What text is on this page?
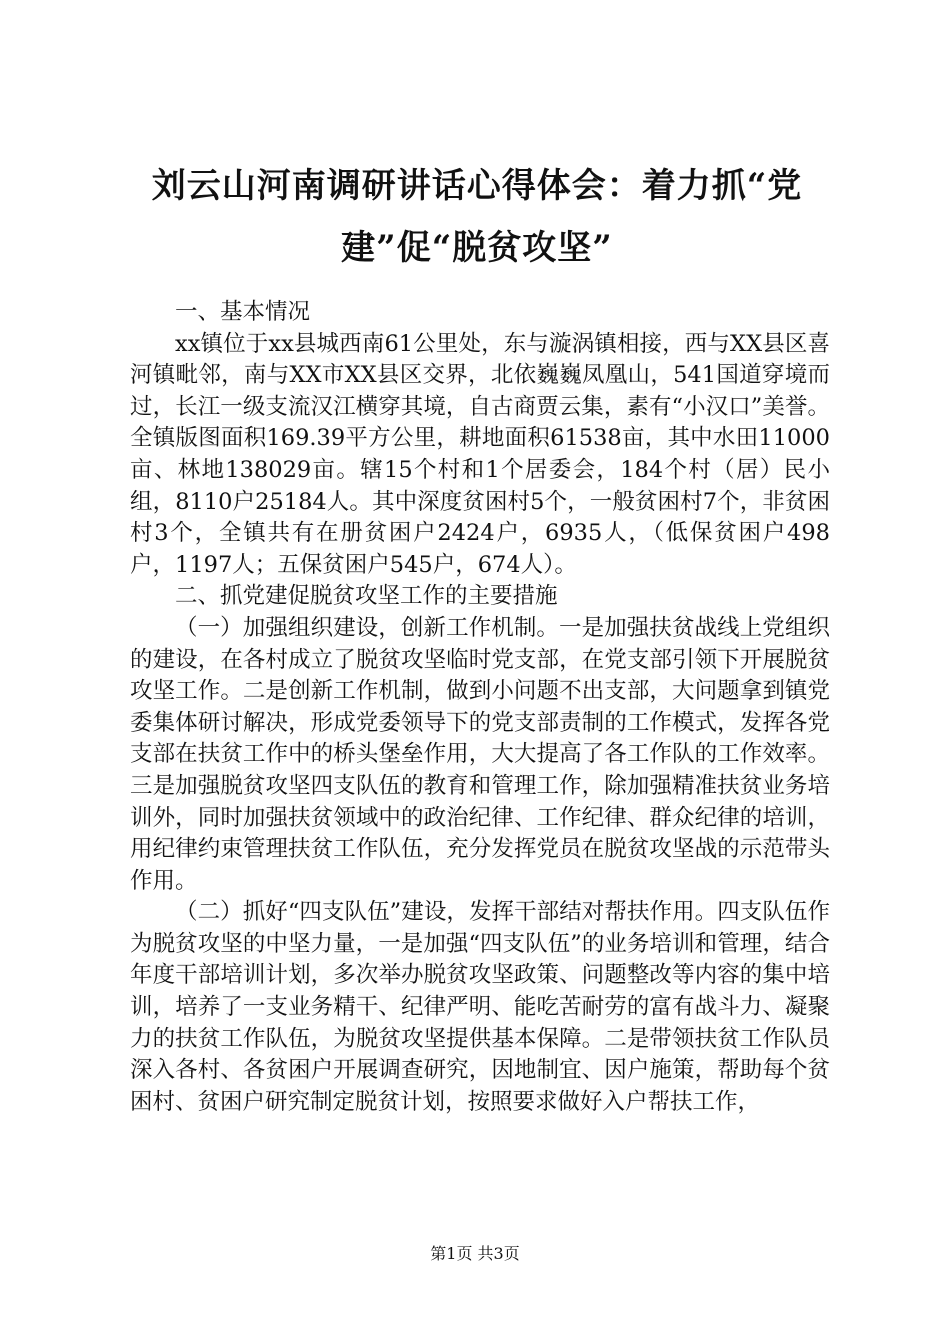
刘云山河南调研讲话心得体会：着力抓“党建”促“脱贫攻坚”

一、基本情况

xx镇位于xx县城西南61公里处，东与漩涡镇相接，西与XX县区喜河镇毗邻，南与XX市XX县区交界，北依巍巍凤凰山，541国道穿境而过，长江一级支流汉江横穿其境，自古商贾云集，素有“小汉口”美誉。全镇版图面积169.39平方公里，耕地面积61538亩，其中水田11000亩、林地138029亩。辖15个村和1个居委会，184个村（居）民小组，8110户25184人。其中深度贫困村5个，一般贫困村7个，非贫困村3个，全镇共有在册贫困户2424户，6935人，（低保贫困户498户，1197人；五保贫困户545户，674人）。

二、抓党建促脱贫攻坚工作的主要措施

（一）加强组织建设，创新工作机制。一是加强扶贫战线上党组织的建设，在各村成立了脱贫攻坚临时党支部，在党支部引领下开展脱贫攻坚工作。二是创新工作机制，做到小问题不出支部，大问题拿到镇党委集体研讨解决，形成党委领导下的党支部责制的工作模式，发挥各党支部在扶贫工作中的桥头堡垒作用，大大提高了各工作队的工作效率。三是加强脱贫攻坚四支队伍的教育和管理工作，除加强精准扶贫业务培训外，同时加强扶贫领域中的政治纪律、工作纪律、群众纪律的培训，用纪律约束管理扶贫工作队伍，充分发挥党员在脱贫攻坚战的示范带头作用。

（二）抓好“四支队伍”建设，发挥干部结对帮扶作用。四支队伍作为脱贫攻坚的中坚力量，一是加强“四支队伍”的业务培训和管理，结合年度干部培训计划，多次举办脱贫攻坚政策、问题整改等内容的集中培训，培养了一支业务精干、纪律严明、能吃苦耐劳的富有战斗力、凝聚力的扶贫工作队伍，为脱贫攻坚提供基本保障。二是带领扶贫工作队员深入各村、各贫困户开展调查研究，因地制宜、因户施策，帮助每个贫困村、贫困户研究制定脱贫计划，按照要求做好入户帮扶工作，

第1页 共3页
